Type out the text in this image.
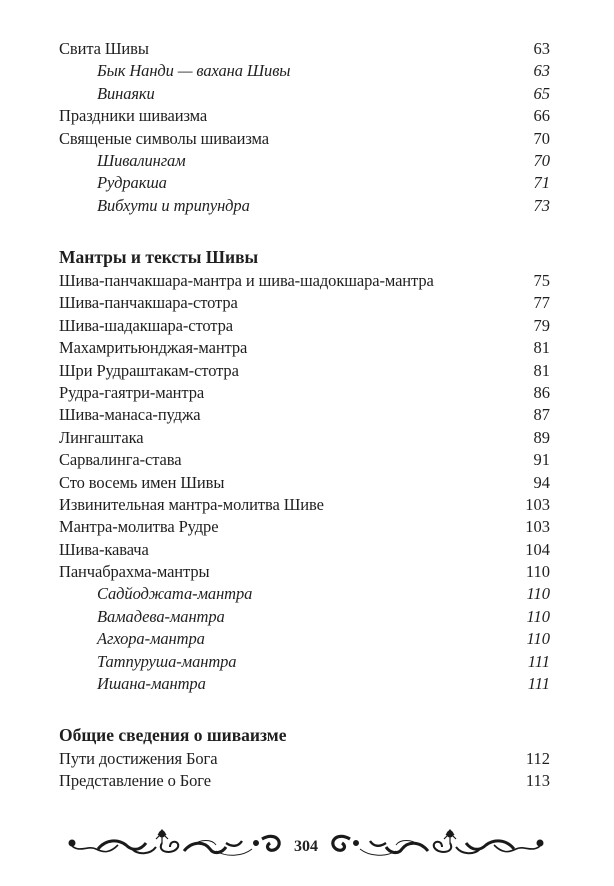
Свита Шивы	63
Бык Нанди — вахана Шивы	63
Винаяки	65
Праздники шиваизма	66
Священые символы шиваизма	70
Шивалингам	70
Рудракша	71
Вибхути и трипундра	73
Мантры и тексты Шивы
Шива-панчакшара-мантра и шива-шадокшара-мантра	75
Шива-панчакшара-стотра	77
Шива-шадакшара-стотра	79
Махамритьюнджая-мантра	81
Шри Рудраштакам-стотра	81
Рудра-гаятри-мантра	86
Шива-манаса-пуджа	87
Лингаштака	89
Сарвалинга-става	91
Сто восемь имен Шивы	94
Извинительная мантра-молитва Шиве	103
Мантра-молитва Рудре	103
Шива-кавача	104
Панчабрахма-мантры	110
Садйоджата-мантра	110
Вамадева-мантра	110
Агхора-мантра	110
Татпуруша-мантра	111
Ишана-мантра	111
Общие сведения о шиваизме
Пути достижения Бога	112
Представление о Боге	113
304
